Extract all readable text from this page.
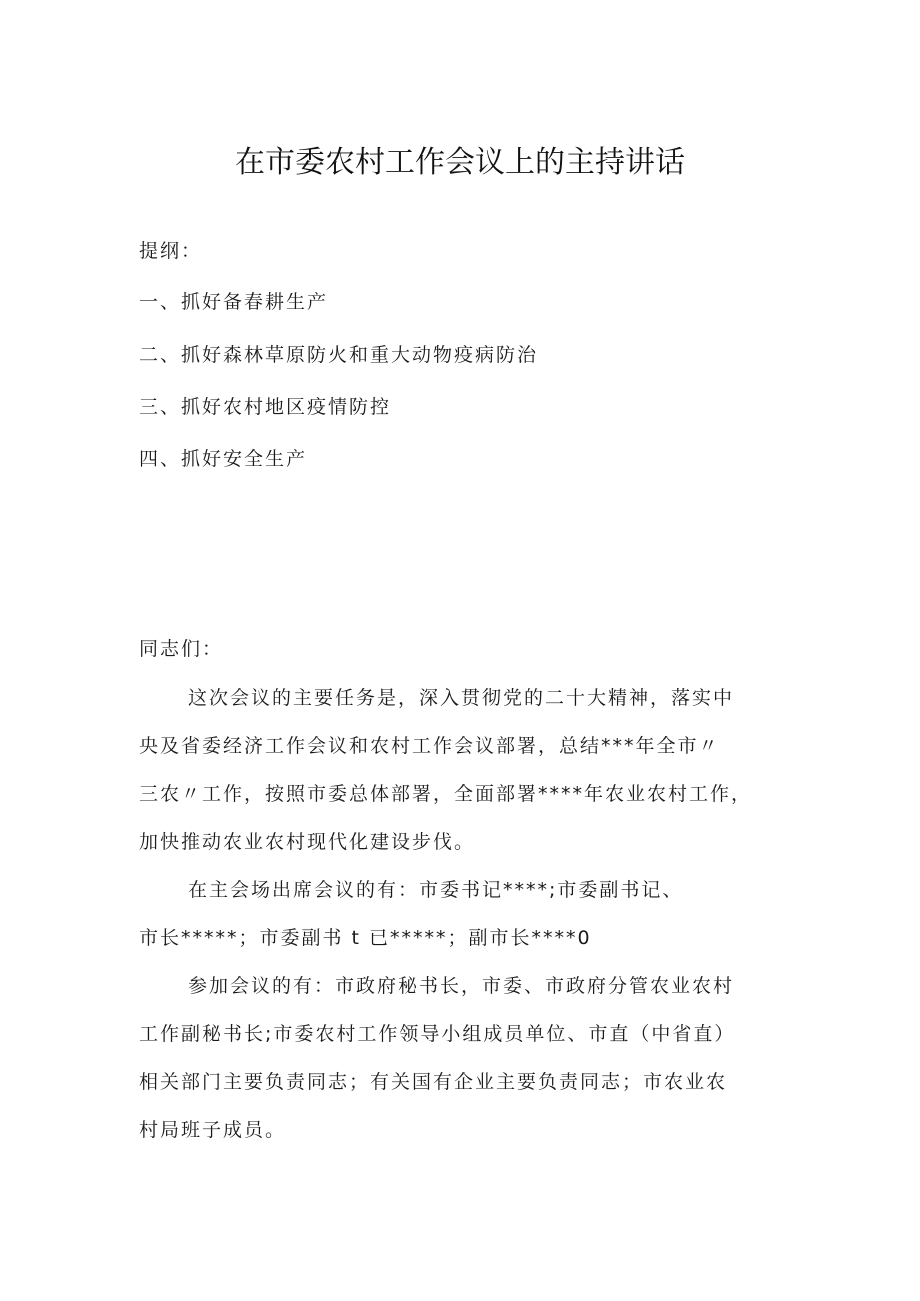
在市委农村工作会议上的主持讲话
提纲：
一、抓好备春耕生产
二、抓好森林草原防火和重大动物疫病防治
三、抓好农村地区疫情防控
四、抓好安全生产
同志们：
这次会议的主要任务是，深入贯彻党的二十大精神，落实中
央及省委经济工作会议和农村工作会议部署，总结***年全市〃
三农〃工作，按照市委总体部署，全面部署****年农业农村工作，
加快推动农业农村现代化建设步伐。
在主会场出席会议的有：市委书记****;市委副书记、
市长*****；市委副书 t 已*****；副市长****0
参加会议的有：市政府秘书长，市委、市政府分管农业农村
工作副秘书长;市委农村工作领导小组成员单位、市直（中省直）
相关部门主要负责同志；有关国有企业主要负责同志；市农业农
村局班子成员。
